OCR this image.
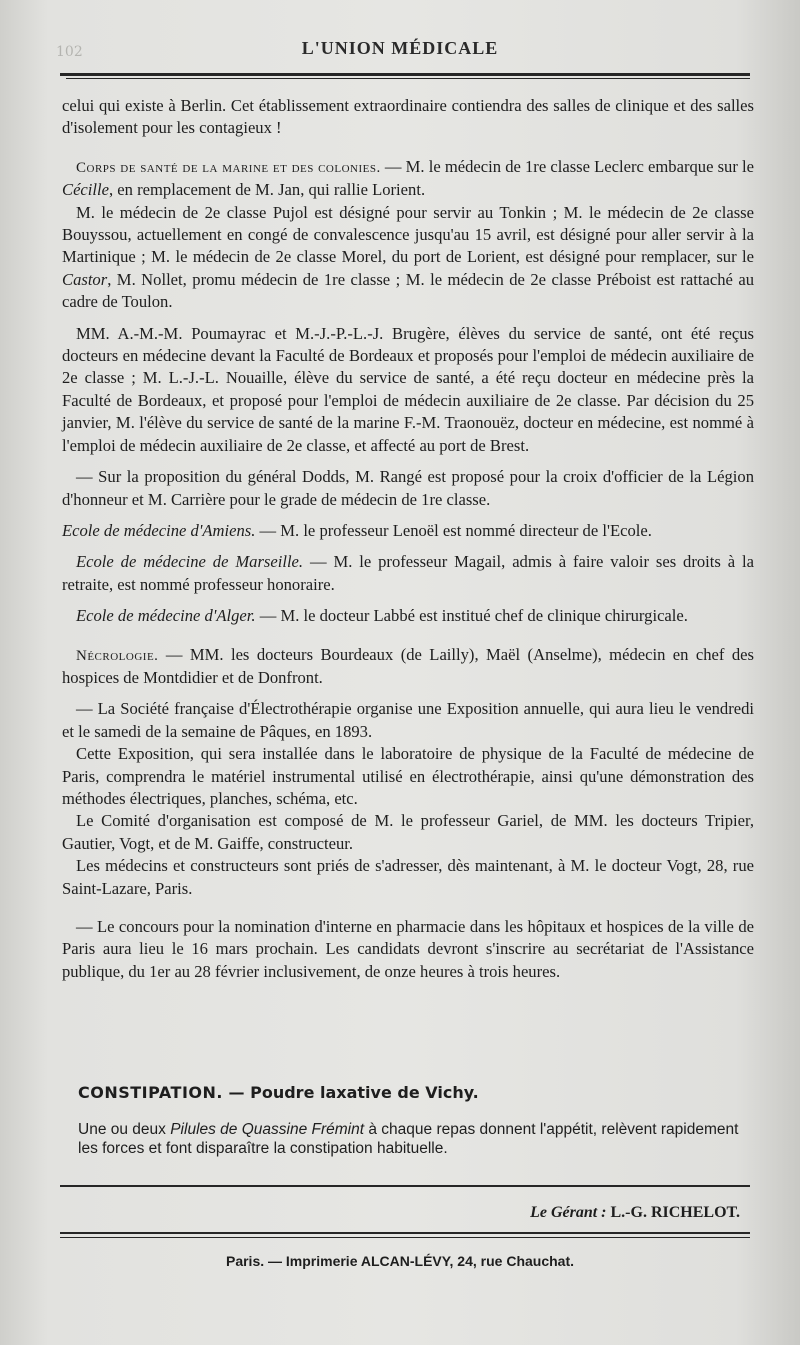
102	L'UNION MÉDICALE

celui qui existe à Berlin. Cet établissement extraordinaire contiendra des salles de clinique et des salles d'isolement pour les contagieux !

Corps de santé de la marine et des colonies. — M. le médecin de 1re classe Leclerc embarque sur le Cécille, en remplacement de M. Jan, qui rallie Lorient.

M. le médecin de 2e classe Pujol est désigné pour servir au Tonkin ; M. le médecin de 2e classe Bouyssou, actuellement en congé de convalescence jusqu'au 15 avril, est désigné pour aller servir à la Martinique ; M. le médecin de 2e classe Morel, du port de Lorient, est désigné pour remplacer, sur le Castor, M. Nollet, promu médecin de 1re classe ; M. le médecin de 2e classe Préboist est rattaché au cadre de Toulon.

MM. A.-M.-M. Poumayrac et M.-J.-P.-L.-J. Brugère, élèves du service de santé, ont été reçus docteurs en médecine devant la Faculté de Bordeaux et proposés pour l'emploi de médecin auxiliaire de 2e classe ; M. L.-J.-L. Nouaille, élève du service de santé, a été reçu docteur en médecine près la Faculté de Bordeaux, et proposé pour l'emploi de médecin auxiliaire de 2e classe. Par décision du 25 janvier, M. l'élève du service de santé de la marine F.-M. Traonouëz, docteur en médecine, est nommé à l'emploi de médecin auxiliaire de 2e classe, et affecté au port de Brest.

— Sur la proposition du général Dodds, M. Rangé est proposé pour la croix d'officier de la Légion d'honneur et M. Carrière pour le grade de médecin de 1re classe.

Ecole de médecine d'Amiens. — M. le professeur Lenoël est nommé directeur de l'Ecole.

Ecole de médecine de Marseille. — M. le professeur Magail, admis à faire valoir ses droits à la retraite, est nommé professeur honoraire.

Ecole de médecine d'Alger. — M. le docteur Labbé est institué chef de clinique chirurgicale.

Nécrologie. — MM. les docteurs Bourdeaux (de Lailly), Maël (Anselme), médecin en chef des hospices de Montdidier et de Donfront.

— La Société française d'Électrothérapie organise une Exposition annuelle, qui aura lieu le vendredi et le samedi de la semaine de Pâques, en 1893.

Cette Exposition, qui sera installée dans le laboratoire de physique de la Faculté de médecine de Paris, comprendra le matériel instrumental utilisé en électrothérapie, ainsi qu'une démonstration des méthodes électriques, planches, schéma, etc.

Le Comité d'organisation est composé de M. le professeur Gariel, de MM. les docteurs Tripier, Gautier, Vogt, et de M. Gaiffe, constructeur.

Les médecins et constructeurs sont priés de s'adresser, dès maintenant, à M. le docteur Vogt, 28, rue Saint-Lazare, Paris.

— Le concours pour la nomination d'interne en pharmacie dans les hôpitaux et hospices de la ville de Paris aura lieu le 16 mars prochain. Les candidats devront s'inscrire au secrétariat de l'Assistance publique, du 1er au 28 février inclusivement, de onze heures à trois heures.

CONSTIPATION. — Poudre laxative de Vichy.
Une ou deux Pilules de Quassine Frémint à chaque repas donnent l'appétit, relèvent rapidement les forces et font disparaître la constipation habituelle.
Le Gérant : L.-G. RICHELOT.
Paris. — Imprimerie ALCAN-LÉVY, 24, rue Chauchat.
